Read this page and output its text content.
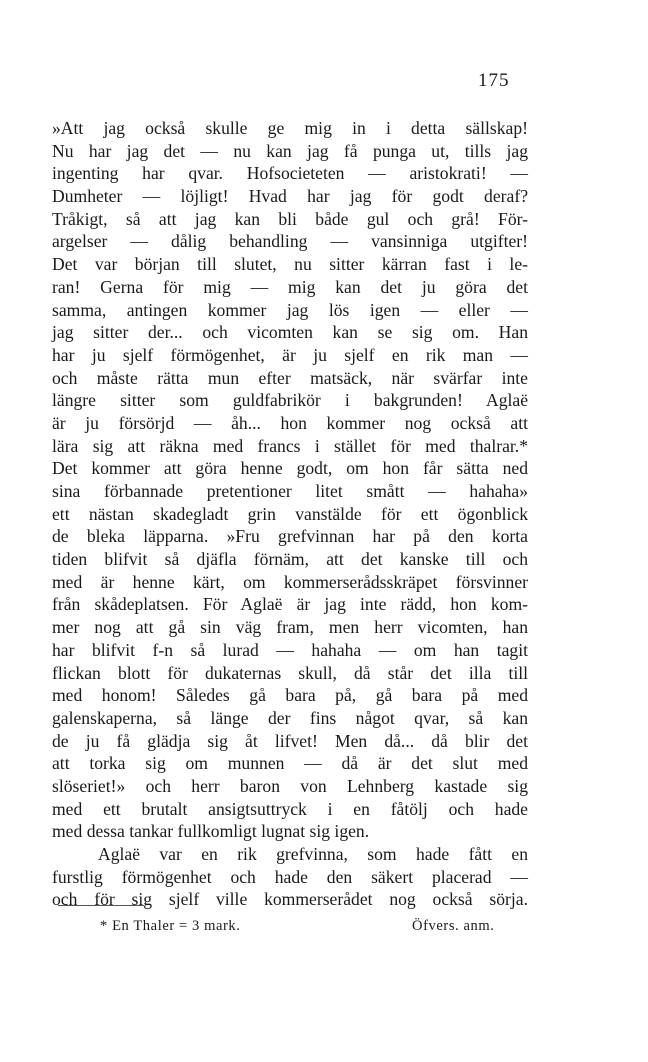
175
»Att jag också skulle ge mig in i detta sällskap!
Nu har jag det — nu kan jag få punga ut, tills jag
ingenting har qvar. Hofsocieteten — aristokrati! —
Dumheter — löjligt! Hvad har jag för godt deraf?
Tråkigt, så att jag kan bli både gul och grå! För-
argelser — dålig behandling — vansinniga utgifter!
Det var början till slutet, nu sitter kärran fast i le-
ran! Gerna för mig — mig kan det ju göra det
samma, antingen kommer jag lös igen — eller —
jag sitter der... och vicomten kan se sig om. Han
har ju sjelf förmögenhet, är ju sjelf en rik man —
och måste rätta mun efter matsäck, när svärfar inte
längre sitter som guldfabrikör i bakgrunden! Aglaë
är ju försörjd — åh... hon kommer nog också att
lära sig att räkna med francs i stället för med thalrar.*
Det kommer att göra henne godt, om hon får sätta ned
sina förbannade pretentioner litet smått — hahaha»
ett nästan skadegladt grin vanstälde för ett ögonblick
de bleka läpparna. »Fru grefvinnan har på den korta
tiden blifvit så djäfla förnäm, att det kanske till och
med är henne kärt, om kommerserådsskräpet försvinner
från skådeplatsen. För Aglaë är jag inte rädd, hon kom-
mer nog att gå sin väg fram, men herr vicomten, han
har blifvit f-n så lurad — hahaha — om han tagit
flickan blott för dukaternas skull, då står det illa till
med honom! Således gå bara på, gå bara på med
galenskaperna, så länge der fins något qvar, så kan
de ju få glädja sig åt lifvet! Men då... då blir det
att torka sig om munnen — då är det slut med
slöseriet!» och herr baron von Lehnberg kastade sig
med ett brutalt ansigtsuttryck i en fåtölj och hade
med dessa tankar fullkomligt lugnat sig igen.
Aglaë var en rik grefvinna, som hade fått en
furstlig förmögenhet och hade den säkert placerad —
och för sig sjelf ville kommerserådet nog också sörja.
* En Thaler = 3 mark.	Öfvers. anm.
